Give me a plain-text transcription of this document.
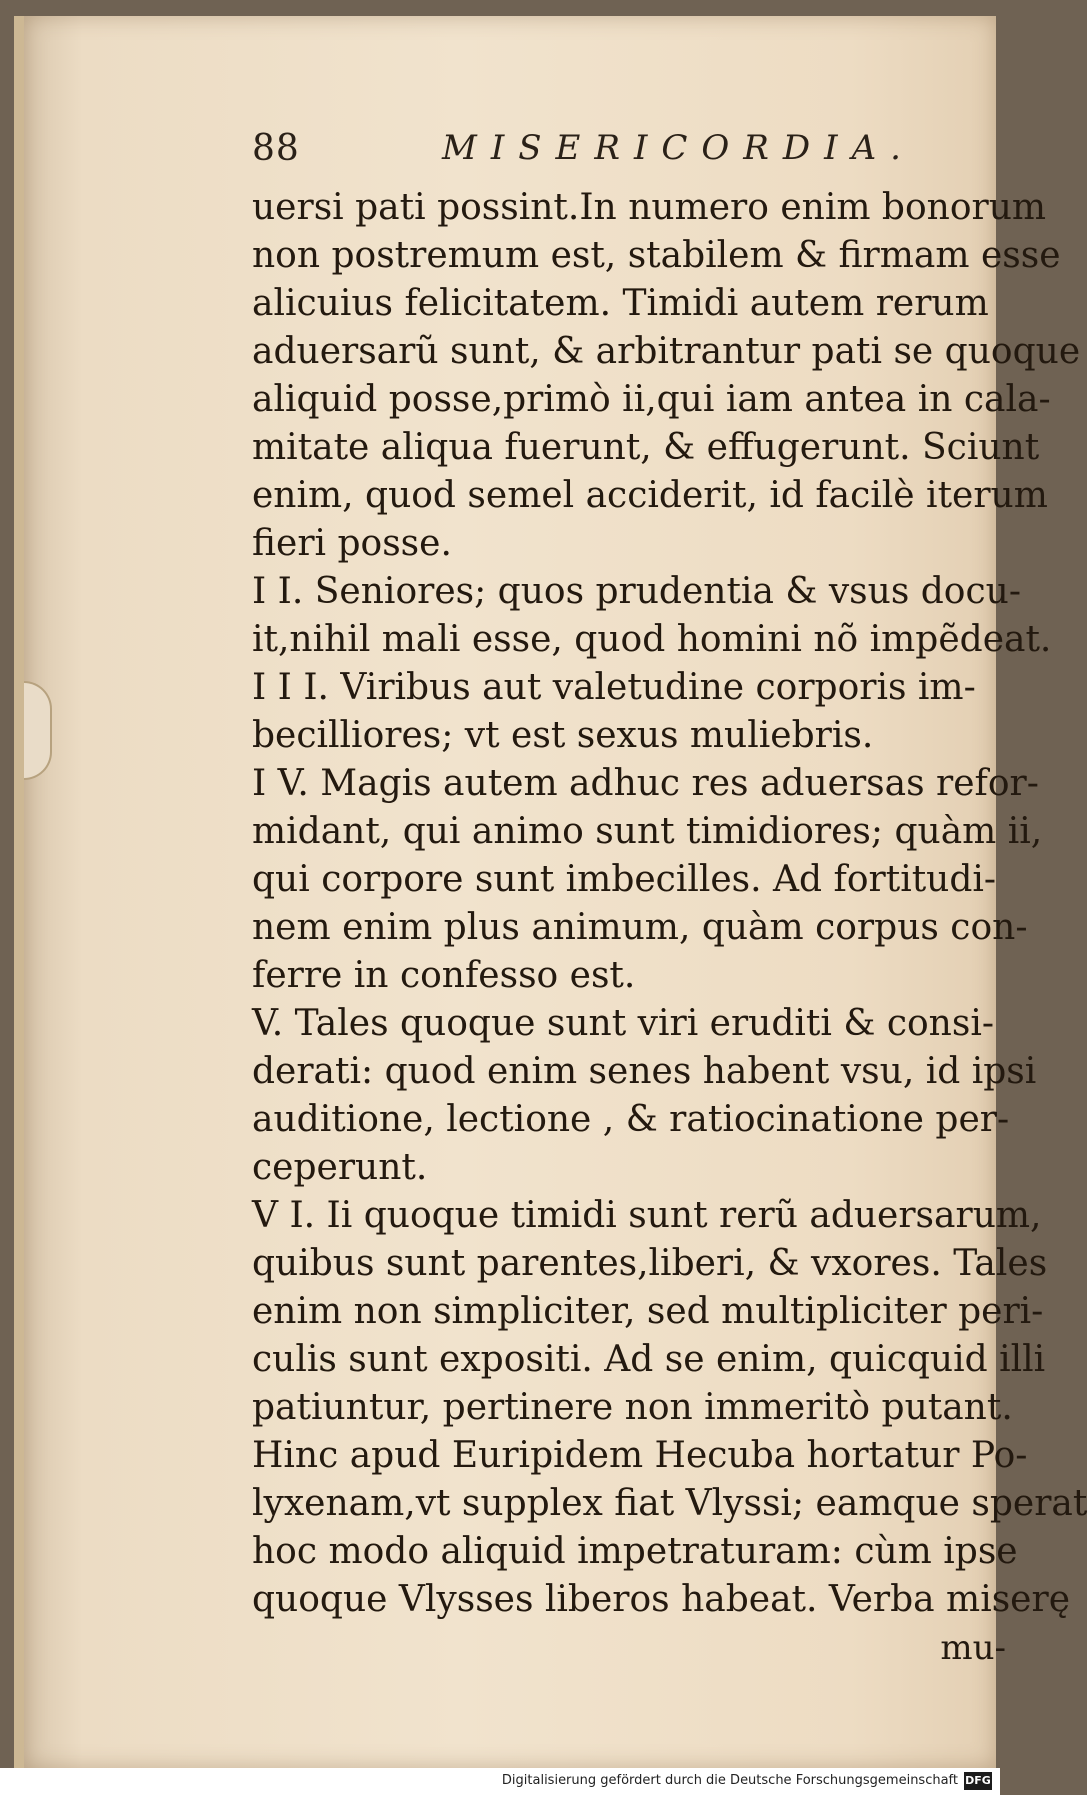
88	MISERICORDIA.
uersi pati possint.In numero enim bonorum
non postremum est, stabilem & firmam esse
alicuius felicitatem. Timidi autem rerum
aduersarũ sunt, & arbitrantur pati se quoque
aliquid posse,primò ii,qui iam antea in cala-
mitate aliqua fuerunt, & effugerunt. Sciunt
enim, quod semel acciderit, id facilè iterum
fieri posse.
I I. Seniores; quos prudentia & vsus docu-
it,nihil mali esse, quod homini nõ impẽdeat.
I I I. Viribus aut valetudine corporis im-
becilliores; vt est sexus muliebris.
I V. Magis autem adhuc res aduersas refor-
midant, qui animo sunt timidiores; quàm ii,
qui corpore sunt imbecilles. Ad fortitudi-
nem enim plus animum, quàm corpus con-
ferre in confesso est.
V. Tales quoque sunt viri eruditi & consi-
derati: quod enim senes habent vsu, id ipsi
auditione, lectione , & ratiocinatione per-
ceperunt.
V I. Ii quoque timidi sunt rerũ aduersarum,
quibus sunt parentes,liberi, & vxores. Tales
enim non simpliciter, sed multipliciter peri-
culis sunt expositi. Ad se enim, quicquid illi
patiuntur, pertinere non immeritò putant.
Hinc apud Euripidem Hecuba hortatur Po-
lyxenam,vt supplex fiat Vlyssi; eamque sperat
hoc modo aliquid impetraturam: cùm ipse
quoque Vlysses liberos habeat. Verba miserę
mu-
Digitalisierung gefördert durch die Deutsche Forschungsgemeinschaft DFG
